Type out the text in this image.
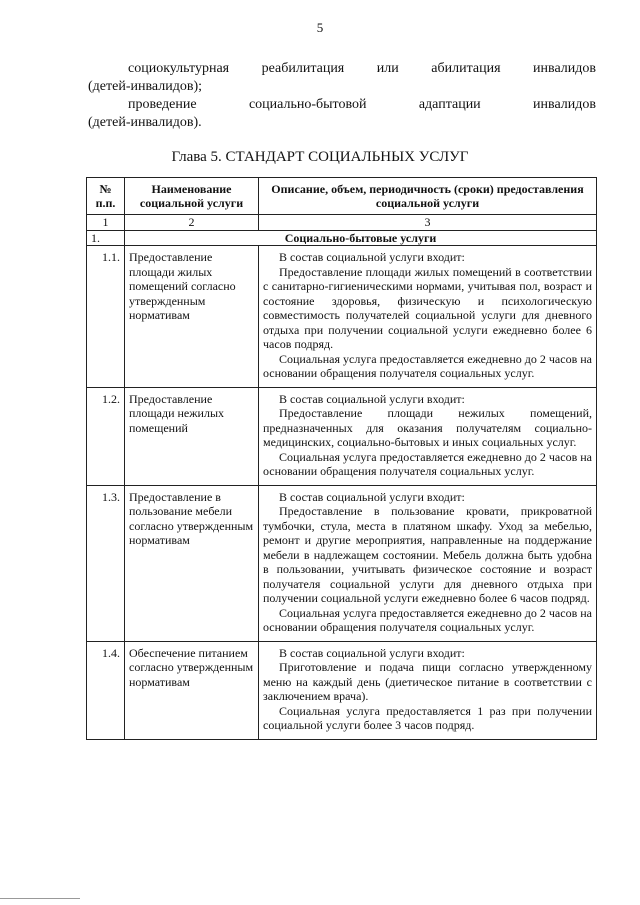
5

социокультурная реабилитация или абилитация инвалидов

(детей-инвалидов);

проведение социально-бытовой адаптации инвалидов

(детей-инвалидов).

Глава 5. СТАНДАРТ СОЦИАЛЬНЫХ УСЛУГ
№ п.п.	Наименование социальной услуги	Описание, объем, периодичность (сроки) предоставления социальной услуги
1	2	3
1.	Социально-бытовые услуги	
1.1.	Предоставление площади жилых помещений согласно утвержденным нормативам	В состав социальной услуги входит:

Предоставление площади жилых помещений в соответствии с санитарно-гигиеническими нормами, учитывая пол, возраст и состояние здоровья, физическую и психологическую совместимость получателей социальной услуги для дневного отдыха при получении социальной услуги ежедневно более 6 часов подряд.

Социальная услуга предоставляется ежедневно до 2 часов на основании обращения получателя социальных услуг.

1.2.	Предоставление площади нежилых помещений	В состав социальной услуги входит:

Предоставление площади нежилых помещений, предназначенных для оказания получателям социально-медицинских, социально-бытовых и иных социальных услуг.

Социальная услуга предоставляется ежедневно до 2 часов на основании обращения получателя социальных услуг.

1.3.	Предоставление в пользование мебели согласно утвержденным нормативам	В состав социальной услуги входит:

Предоставление в пользование кровати, прикроватной тумбочки, стула, места в платяном шкафу. Уход за мебелью, ремонт и другие мероприятия, направленные на поддержание мебели в надлежащем состоянии. Мебель должна быть удобна в пользовании, учитывать физическое состояние и возраст получателя социальной услуги для дневного отдыха при получении социальной услуги ежедневно более 6 часов подряд.

Социальная услуга предоставляется ежедневно до 2 часов на основании обращения получателя социальных услуг.

1.4.	Обеспечение питанием согласно утвержденным нормативам	В состав социальной услуги входит:

Приготовление и подача пищи согласно утвержденному меню на каждый день (диетическое питание в соответствии с заключением врача).

Социальная услуга предоставляется 1 раз при получении социальной услуги более 3 часов подряд.
